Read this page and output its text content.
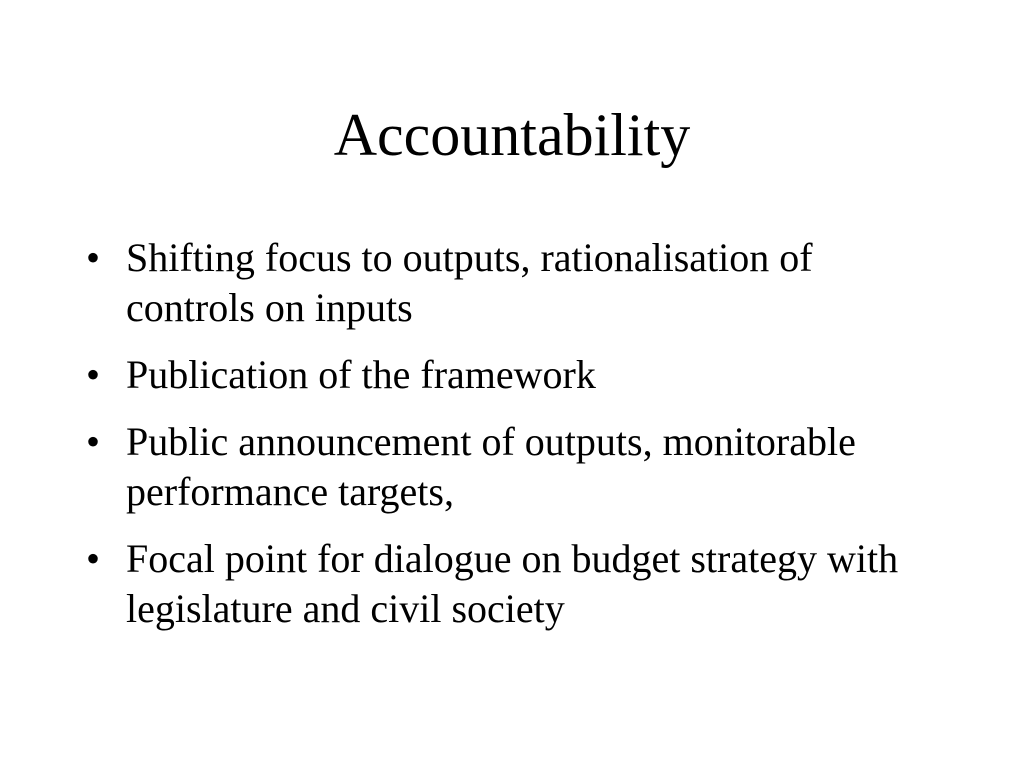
Accountability
• Shifting focus to outputs, rationalisation of controls on inputs
• Publication of the framework
• Public announcement of outputs, monitorable performance targets,
• Focal point for dialogue on budget strategy with legislature and civil society
